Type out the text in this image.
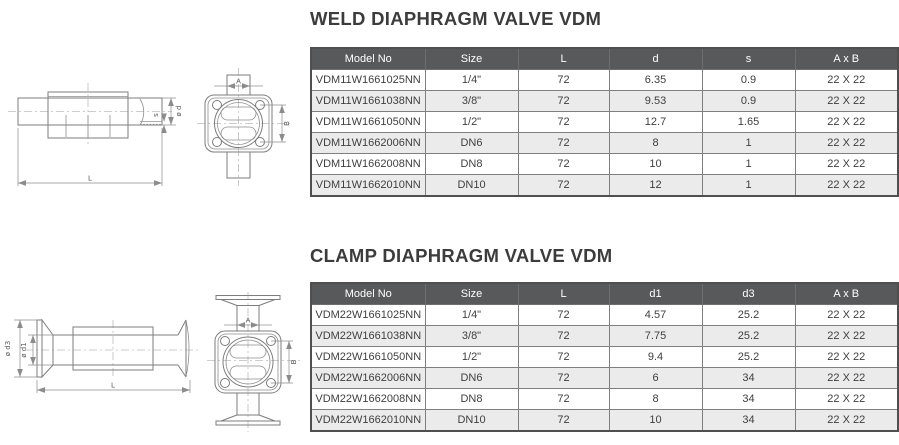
WELD DIAPHRAGM VALVE VDM
Model No	Size	L	d	s	A x B
VDM11W1661025NN	1/4"	72	6.35	0.9	22 X 22
VDM11W1661038NN	3/8"	72	9.53	0.9	22 X 22
VDM11W1661050NN	1/2"	72	12.7	1.65	22 X 22
VDM11W1662006NN	DN6	72	8	1	22 X 22
VDM11W1662008NN	DN8	72	10	1	22 X 22
VDM11W1662010NN	DN10	72	12	1	22 X 22
L
ø d
s
A
B
CLAMP DIAPHRAGM VALVE VDM
Model No	Size	L	d1	d3	A x B
VDM22W1661025NN	1/4"	72	4.57	25.2	22 X 22
VDM22W1661038NN	3/8"	72	7.75	25.2	22 X 22
VDM22W1661050NN	1/2"	72	9.4	25.2	22 X 22
VDM22W1662006NN	DN6	72	6	34	22 X 22
VDM22W1662008NN	DN8	72	8	34	22 X 22
VDM22W1662010NN	DN10	72	10	34	22 X 22
ø d3 ø d1
L
A
B
